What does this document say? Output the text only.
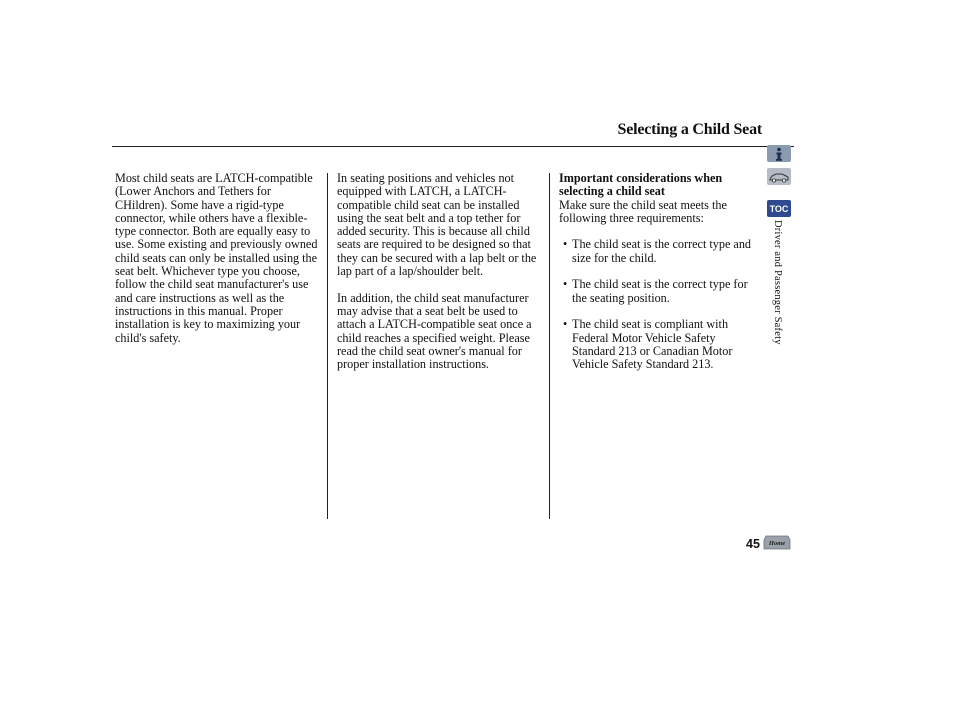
Selecting a Child Seat

Most child seats are LATCH-compatible (Lower Anchors and Tethers for CHildren). Some have a rigid-type connector, while others have a flexible-type connector. Both are equally easy to use. Some existing and previously owned child seats can only be installed using the seat belt. Whichever type you choose, follow the child seat manufacturer's use and care instructions as well as the instructions in this manual. Proper installation is key to maximizing your child's safety.

In seating positions and vehicles not equipped with LATCH, a LATCH-compatible child seat can be installed using the seat belt and a top tether for added security. This is because all child seats are required to be designed so that they can be secured with a lap belt or the lap part of a lap/shoulder belt.

In addition, the child seat manufacturer may advise that a seat belt be used to attach a LATCH-compatible seat once a child reaches a specified weight. Please read the child seat owner's manual for proper installation instructions.

Important considerations when selecting a child seat
Make sure the child seat meets the following three requirements:
• The child seat is the correct type and size for the child.
• The child seat is the correct type for the seating position.
• The child seat is compliant with Federal Motor Vehicle Safety Standard 213 or Canadian Motor Vehicle Safety Standard 213.
TOC
Driver and Passenger Safety
45 Home
